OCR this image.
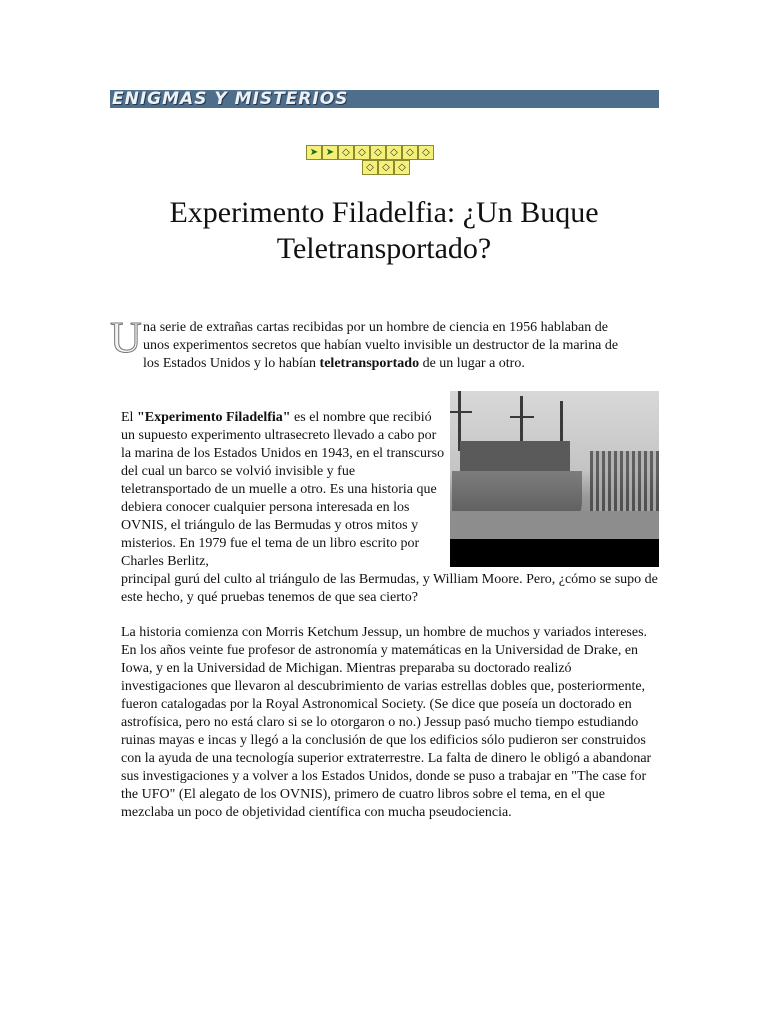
ENIGMAS Y MISTERIOS
➤ ➤ ◇ ◇ ◇ ◇ ◇ ◇
◇ ◇ ◇
Experimento Filadelfia: ¿Un Buque Teletransportado?

U na serie de extrañas cartas recibidas por un hombre de ciencia en 1956 hablaban de unos experimentos secretos que habían vuelto invisible un destructor de la marina de los Estados Unidos y lo habían teletransportado de un lugar a otro.

El "Experimento Filadelfia" es el nombre que recibió un supuesto experimento ultrasecreto llevado a cabo por la marina de los Estados Unidos en 1943, en el transcurso del cual un barco se volvió invisible y fue teletransportado de un muelle a otro. Es una historia que debiera conocer cualquier persona interesada en los OVNIS, el triángulo de las Bermudas y otros mitos y misterios. En 1979 fue el tema de un libro escrito por Charles Berlitz,

principal gurú del culto al triángulo de las Bermudas, y William Moore. Pero, ¿cómo se supo de este hecho, y qué pruebas tenemos de que sea cierto?

La historia comienza con Morris Ketchum Jessup, un hombre de muchos y variados intereses. En los años veinte fue profesor de astronomía y matemáticas en la Universidad de Drake, en Iowa, y en la Universidad de Michigan. Mientras preparaba su doctorado realizó investigaciones que llevaron al descubrimiento de varias estrellas dobles que, posteriormente, fueron catalogadas por la Royal Astronomical Society. (Se dice que poseía un doctorado en astrofísica, pero no está claro si se lo otorgaron o no.) Jessup pasó mucho tiempo estudiando ruinas mayas e incas y llegó a la conclusión de que los edificios sólo pudieron ser construidos con la ayuda de una tecnología superior extraterrestre. La falta de dinero le obligó a abandonar sus investigaciones y a volver a los Estados Unidos, donde se puso a trabajar en "The case for the UFO" (El alegato de los OVNIS), primero de cuatro libros sobre el tema, en el que mezclaba un poco de objetividad científica con mucha pseudociencia.
